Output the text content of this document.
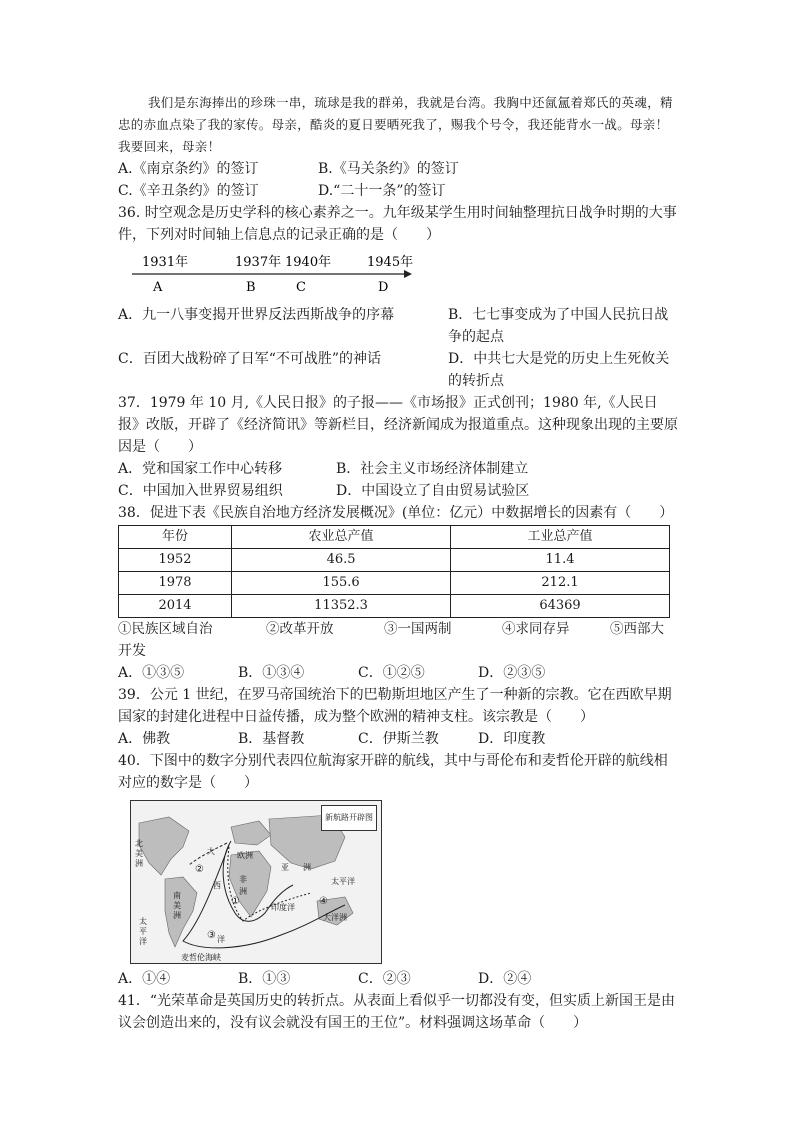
我们是东海捧出的珍珠一串，琉球是我的群弟，我就是台湾。我胸中还氤氲着郑氏的英魂，精忠的赤血点染了我的家传。母亲，酷炎的夏日要晒死我了，赐我个号令，我还能背水一战。母亲！我要回来，母亲！

A.《南京条约》的签订	B.《马关条约》的签订
C.《辛丑条约》的签订	D.“二十一条”的签订

36. 时空观念是历史学科的核心素养之一。九年级某学生用时间轴整理抗日战争时期的大事件，下列对时间轴上信息点的记录正确的是（　　）

1931年	1937年 1940年	1945年
A	B	C	D
A．九一八事变揭开世界反法西斯战争的序幕	B．七七事变成为了中国人民抗日战争的起点
C．百团大战粉碎了日军“不可战胜”的神话	D．中共七大是党的历史上生死攸关的转折点

37．1979 年 10 月,《人民日报》的子报——《市场报》正式创刊；1980 年,《人民日报》改版，开辟了《经济简讯》等新栏目，经济新闻成为报道重点。这种现象出现的主要原因是（　　）

A．党和国家工作中心转移	B．社会主义市场经济体制建立
C．中国加入世界贸易组织	D．中国设立了自由贸易试验区

38．促进下表《民族自治地方经济发展概况》(单位：亿元）中数据增长的因素有（　　）

年份	农业总产值	工业总产值
1952	46.5	11.4
1978	155.6	212.1
2014	11352.3	64369
①民族区域自治	②改革开放	③一国两制	④求同存异	⑤西部大
开发
A．①③⑤	B．①③④	C．①②⑤	D．②③⑤

39．公元 1 世纪，在罗马帝国统治下的巴勒斯坦地区产生了一种新的宗教。它在西欧早期国家的封建化进程中日益传播，成为整个欧洲的精神支柱。该宗教是（　　）

A．佛教	B．基督教	C．伊斯兰教	D．印度教

40．下图中的数字分别代表四位航海家开辟的航线，其中与哥伦布和麦哲伦开辟的航线相对应的数字是（　　）

新航路开辟图
北
美
洲
大
西
欧洲
亚 洲
非
洲
南
美
洲
太
平
洋
印度洋
大洋洲
洋
太平洋
麦哲伦海峡
①
②
③
④
A．①④	B．①③	C．②③	D．②④

41．“光荣革命是英国历史的转折点。从表面上看似乎一切都没有变，但实质上新国王是由议会创造出来的，没有议会就没有国王的王位”。材料强调这场革命（　　）
